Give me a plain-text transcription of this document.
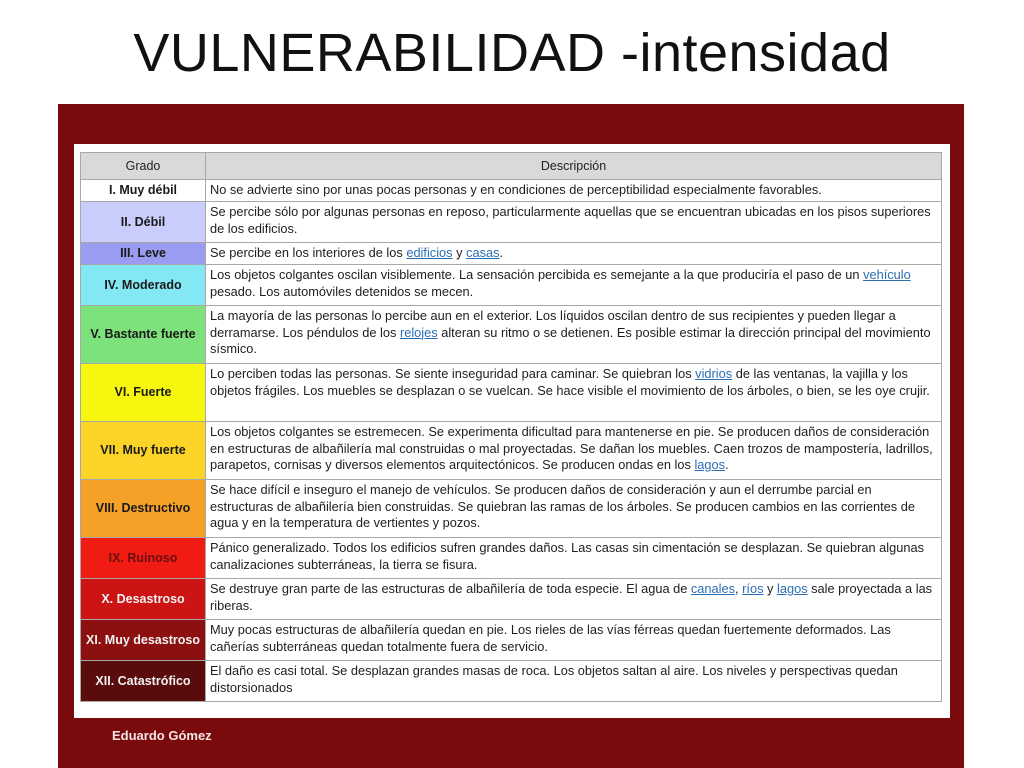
VULNERABILIDAD -intensidad
Grado	Descripción
I. Muy débil	No se advierte sino por unas pocas personas y en condiciones de perceptibilidad especialmente favorables.
II. Débil	Se percibe sólo por algunas personas en reposo, particularmente aquellas que se encuentran ubicadas en los pisos superiores de los edificios.
III. Leve	Se percibe en los interiores de los edificios y casas.
IV. Moderado	Los objetos colgantes oscilan visiblemente. La sensación percibida es semejante a la que produciría el paso de un vehículo pesado. Los automóviles detenidos se mecen.
V. Bastante fuerte	La mayoría de las personas lo percibe aun en el exterior. Los líquidos oscilan dentro de sus recipientes y pueden llegar a derramarse. Los péndulos de los relojes alteran su ritmo o se detienen. Es posible estimar la dirección principal del movimiento sísmico.
VI. Fuerte	Lo perciben todas las personas. Se siente inseguridad para caminar. Se quiebran los vidrios de las ventanas, la vajilla y los objetos frágiles. Los muebles se desplazan o se vuelcan. Se hace visible el movimiento de los árboles, o bien, se les oye crujir.
VII. Muy fuerte	Los objetos colgantes se estremecen. Se experimenta dificultad para mantenerse en pie. Se producen daños de consideración en estructuras de albañilería mal construidas o mal proyectadas. Se dañan los muebles. Caen trozos de mampostería, ladrillos, parapetos, cornisas y diversos elementos arquitectónicos. Se producen ondas en los lagos.
VIII. Destructivo	Se hace difícil e inseguro el manejo de vehículos. Se producen daños de consideración y aun el derrumbe parcial en estructuras de albañilería bien construidas. Se quiebran las ramas de los árboles. Se producen cambios en las corrientes de agua y en la temperatura de vertientes y pozos.
IX. Ruinoso	Pánico generalizado. Todos los edificios sufren grandes daños. Las casas sin cimentación se desplazan. Se quiebran algunas canalizaciones subterráneas, la tierra se fisura.
X. Desastroso	Se destruye gran parte de las estructuras de albañilería de toda especie. El agua de canales, ríos y lagos sale proyectada a las riberas.
XI. Muy desastroso	Muy pocas estructuras de albañilería quedan en pie. Los rieles de las vías férreas quedan fuertemente deformados. Las cañerías subterráneas quedan totalmente fuera de servicio.
XII. Catastrófico	El daño es casi total. Se desplazan grandes masas de roca. Los objetos saltan al aire. Los niveles y perspectivas quedan distorsionados
Eduardo Gómez
